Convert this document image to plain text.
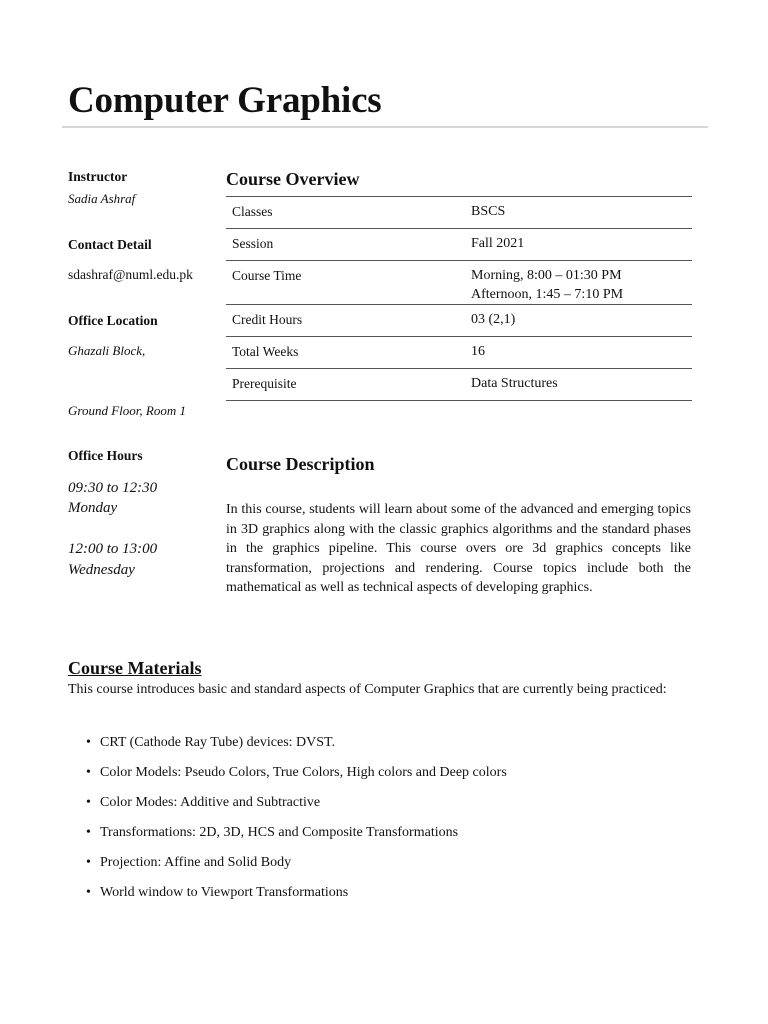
Computer Graphics
Instructor
Sadia Ashraf
Contact Detail
sdashraf@numl.edu.pk
Office Location
Ghazali Block,
Ground Floor, Room 1
Office Hours
09:30 to 12:30
Monday
12:00 to 13:00
Wednesday
Course Overview
Classes	BSCS
Session	Fall 2021
Course Time	Morning, 8:00 – 01:30 PM
Afternoon, 1:45 – 7:10 PM

Credit Hours	03 (2,1)
Total Weeks	16
Prerequisite	Data Structures
Course Description

In this course, students will learn about some of the advanced and emerging topics in 3D graphics along with the classic graphics algorithms and the standard phases in the graphics pipeline. This course overs ore 3d graphics concepts like transformation, projections and rendering. Course topics include both the mathematical as well as technical aspects of developing graphics.

Course Materials

This course introduces basic and standard aspects of Computer Graphics that are currently being practiced:

• CRT (Cathode Ray Tube) devices: DVST.
• Color Models: Pseudo Colors, True Colors, High colors and Deep colors
• Color Modes: Additive and Subtractive
• Transformations: 2D, 3D, HCS and Composite Transformations
• Projection: Affine and Solid Body
• World window to Viewport Transformations
